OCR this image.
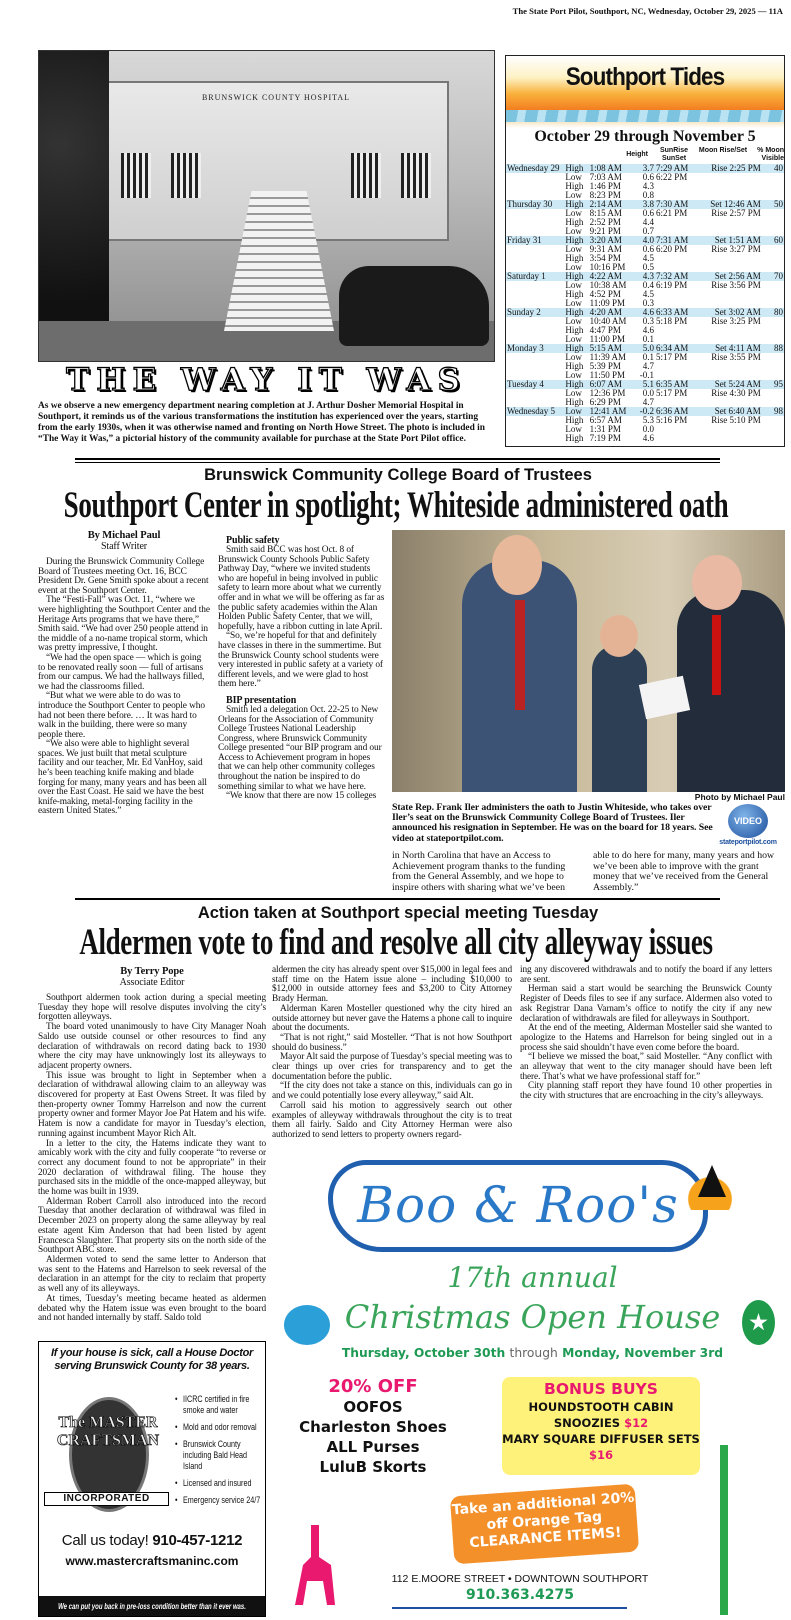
The State Port Pilot, Southport, NC, Wednesday, October 29, 2025 — 11A
BRUNSWICK COUNTY HOSPITAL
THE WAY IT WAS
As we observe a new emergency department nearing completion at J. Arthur Dosher Memorial Hospital in Southport, it reminds us of the various transformations the institution has experienced over the years, starting from the early 1930s, when it was otherwise named and fronting on North Howe Street. The photo is included in “The Way it Was,” a pictorial history of the community available for purchase at the State Port Pilot office.
Southport Tides
October 29 through November 5
Height
SunRise SunSet
Moon Rise/Set	% Moon Visible
Wednesday 29	High	1:08 AM	3.7	7:29 AM	Rise 2:25 PM	40
	Low	7:03 AM	0.6	6:22 PM		
	High	1:46 PM	4.3			
	Low	8:23 PM	0.8			
Thursday 30	High	2:14 AM	3.8	7:30 AM	Set 12:46 AM	50
	Low	8:15 AM	0.6	6:21 PM	Rise 2:57 PM	
	High	2:52 PM	4.4			
	Low	9:21 PM	0.7			
Friday 31	High	3:20 AM	4.0	7:31 AM	Set 1:51 AM	60
	Low	9:31 AM	0.6	6:20 PM	Rise 3:27 PM	
	High	3:54 PM	4.5			
	Low	10:16 PM	0.5			
Saturday 1	High	4:22 AM	4.3	7:32 AM	Set 2:56 AM	70
	Low	10:38 AM	0.4	6:19 PM	Rise 3:56 PM	
	High	4:52 PM	4.5			
	Low	11:09 PM	0.3			
Sunday 2	High	4:20 AM	4.6	6:33 AM	Set 3:02 AM	80
	Low	10:40 AM	0.3	5:18 PM	Rise 3:25 PM	
	High	4:47 PM	4.6			
	Low	11:00 PM	0.1			
Monday 3	High	5:15 AM	5.0	6:34 AM	Set 4:11 AM	88
	Low	11:39 AM	0.1	5:17 PM	Rise 3:55 PM	
	High	5:39 PM	4.7			
	Low	11:50 PM	-0.1			
Tuesday 4	High	6:07 AM	5.1	6:35 AM	Set 5:24 AM	95
	Low	12:36 PM	0.0	5:17 PM	Rise 4:30 PM	
	High	6:29 PM	4.7			
Wednesday 5	Low	12:41 AM	-0.2	6:36 AM	Set 6:40 AM	98
	High	6:57 AM	5.3	5:16 PM	Rise 5:10 PM	
	Low	1:31 PM	0.0			
	High	7:19 PM	4.6			
Brunswick Community College Board of Trustees
Southport Center in spotlight; Whiteside administered oath
By Michael Paul
Staff Writer

During the Brunswick Community College Board of Trustees meeting Oct. 16, BCC President Dr. Gene Smith spoke about a recent event at the Southport Center.

The “Festi-Fall” was Oct. 11, “where we were highlighting the Southport Center and the Heritage Arts programs that we have there,” Smith said. “We had over 250 people attend in the middle of a no-name tropical storm, which was pretty impressive, I thought.

“We had the open space — which is going to be renovated really soon — full of artisans from our campus. We had the hallways filled, we had the classrooms filled.

“But what we were able to do was to introduce the Southport Center to people who had not been there before. … It was hard to walk in the building, there were so many people there.

“We also were able to highlight several spaces. We just built that metal sculpture facility and our teacher, Mr. Ed VanHoy, said he’s been teaching knife making and blade forging for many, many years and has been all over the East Coast. He said we have the best knife-making, metal-forging facility in the eastern United States.”

Public safety

Smith said BCC was host Oct. 8 of Brunswick County Schools Public Safety Pathway Day, “where we invited students who are hopeful in being involved in public safety to learn more about what we currently offer and in what we will be offering as far as the public safety academies within the Alan Holden Public Safety Center, that we will, hopefully, have a ribbon cutting in late April.

“So, we’re hopeful for that and definitely have classes in there in the summertime. But the Brunswick County school students were very interested in public safety at a variety of different levels, and we were glad to host them here.”

BIP presentation

Smith led a delegation Oct. 22-25 to New Orleans for the Association of Community College Trustees National Leadership Congress, where Brunswick Community College presented “our BIP program and our Access to Achievement program in hopes that we can help other community colleges throughout the nation be inspired to do something similar to what we have here.

“We know that there are now 15 colleges	Photo by Michael Paul
State Rep. Frank Iler administers the oath to Justin Whiteside, who takes over Iler’s seat on the Brunswick Community College Board of Trustees. Iler announced his resignation in September. He was on the board for 18 years. See video at stateportpilot.com.
VIDEO
stateportpilot.com
in North Carolina that have an Access to Achievement program thanks to the funding from the General Assembly, and we hope to inspire others with sharing what we’ve been able to do here for many, many years and how we’ve been able to improve with the grant money that we’ve received from the General Assembly.”
Action taken at Southport special meeting Tuesday
Aldermen vote to find and resolve all city alleyway issues
By Terry Pope
Associate Editor

Southport aldermen took action during a special meeting Tuesday they hope will resolve disputes involving the city’s forgotten alleyways.

The board voted unanimously to have City Manager Noah Saldo use outside counsel or other resources to find any declaration of withdrawals on record dating back to 1930 where the city may have unknowingly lost its alleyways to adjacent property owners.

This issue was brought to light in September when a declaration of withdrawal allowing claim to an alleyway was discovered for property at East Owens Street. It was filed by then-property owner Tommy Harrelson and now the current property owner and former Mayor Joe Pat Hatem and his wife. Hatem is now a candidate for mayor in Tuesday’s election, running against incumbent Mayor Rich Alt.

In a letter to the city, the Hatems indicate they want to amicably work with the city and fully cooperate “to reverse or correct any document found to not be appropriate” in their 2020 declaration of withdrawal filing. The house they purchased sits in the middle of the once-mapped alleyway, but the home was built in 1939.

Alderman Robert Carroll also introduced into the record Tuesday that another declaration of withdrawal was filed in December 2023 on property along the same alleyway by real estate agent Kim Anderson that had been listed by agent Francesca Slaughter. That property sits on the north side of the Southport ABC store.

Aldermen voted to send the same letter to Anderson that was sent to the Hatems and Harrelson to seek reversal of the declaration in an attempt for the city to reclaim that property as well any of its alleyways.

At times, Tuesday’s meeting became heated as aldermen debated why the Hatem issue was even brought to the board and not handed internally by staff. Saldo told

aldermen the city has already spent over $15,000 in legal fees and staff time on the Hatem issue alone – including $10,000 to $12,000 in outside attorney fees and $3,200 to City Attorney Brady Herman.

Alderman Karen Mosteller questioned why the city hired an outside attorney but never gave the Hatems a phone call to inquire about the documents.

“That is not right,” said Mosteller. “That is not how Southport should do business.”

Mayor Alt said the purpose of Tuesday’s special meeting was to clear things up over cries for transparency and to get the documentation before the public.

“If the city does not take a stance on this, individuals can go in and we could potentially lose every alleyway,” said Alt.

Carroll said his motion to aggressively search out other examples of alleyway withdrawals throughout the city is to treat them all fairly. Saldo and City Attorney Herman were also authorized to send letters to property owners regard-

ing any discovered withdrawals and to notify the board if any letters are sent.

Herman said a start would be searching the Brunswick County Register of Deeds files to see if any surface. Aldermen also voted to ask Registrar Dana Varnam’s office to notify the city if any new declaration of withdrawals are filed for alleyways in Southport.

At the end of the meeting, Alderman Mosteller said she wanted to apologize to the Hatems and Harrelson for being singled out in a process she said shouldn’t have even come before the board.

“I believe we missed the boat,” said Mosteller. “Any conflict with an alleyway that went to the city manager should have been left there. That’s what we have professional staff for.”

City planning staff report they have found 10 other properties in the city with structures that are encroaching in the city’s alleyways.

If your house is sick, call a House Doctor serving Brunswick County for 38 years.
The MASTER CRAFTSMAN
INCORPORATED
• IICRC certified in fire smoke and water
• Mold and odor removal
• Brunswick County including Bald Head Island
• Licensed and insured
• Emergency service 24/7
Call us today! 910-457-1212
www.mastercraftsmaninc.com
We can put you back in pre-loss condition better than it ever was.
Boo & Roo's
17th annual
Christmas Open House
Thursday, October 30th through Monday, November 3rd
20% OFF
OOFOS
Charleston Shoes
ALL Purses
LuluB Skorts
BONUS BUYS
HOUNDSTOOTH CABIN SNOOZIES $12
MARY SQUARE DIFFUSER SETS $16
Take an additional 20% off Orange Tag CLEARANCE ITEMS!
112 E.MOORE STREET • DOWNTOWN SOUTHPORT
910.363.4275
